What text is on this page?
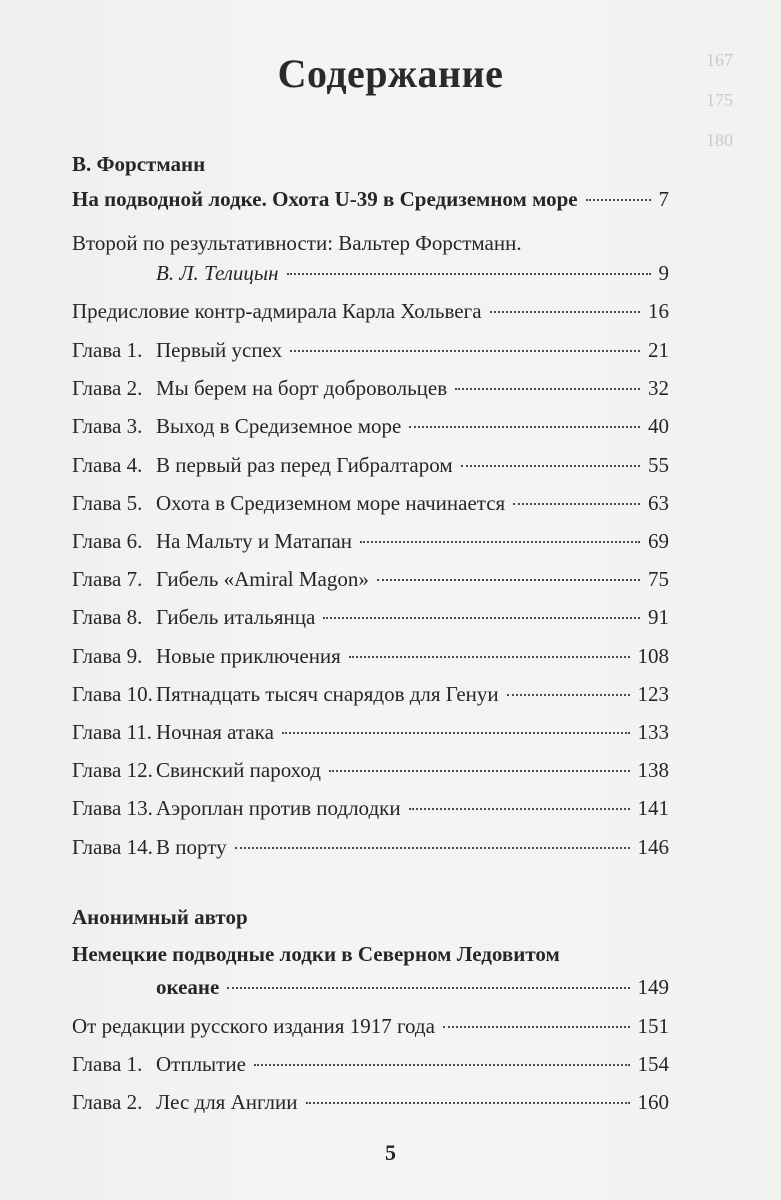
167
175
180
Содержание
В. Форстманн
На подводной лодке. Охота U-39 в Средиземном море	7
Второй по результативности: Вальтер Форстманн.
В. Л. Телицын	9
Предисловие контр-адмирала Карла Хольвега	16
Глава 1. Первый успех	21
Глава 2. Мы берем на борт добровольцев	32
Глава 3. Выход в Средиземное море	40
Глава 4. В первый раз перед Гибралтаром	55
Глава 5. Охота в Средиземном море начинается	63
Глава 6. На Мальту и Матапан	69
Глава 7. Гибель «Amiral Magon»	75
Глава 8. Гибель итальянца	91
Глава 9. Новые приключения	108
Глава 10. Пятнадцать тысяч снарядов для Генуи	123
Глава 11. Ночная атака	133
Глава 12. Свинский пароход	138
Глава 13. Аэроплан против подлодки	141
Глава 14. В порту	146
Анонимный автор
Немецкие подводные лодки в Северном Ледовитом
океане	149
От редакции русского издания 1917 года	151
Глава 1. Отплытие	154
Глава 2. Лес для Англии	160
5
